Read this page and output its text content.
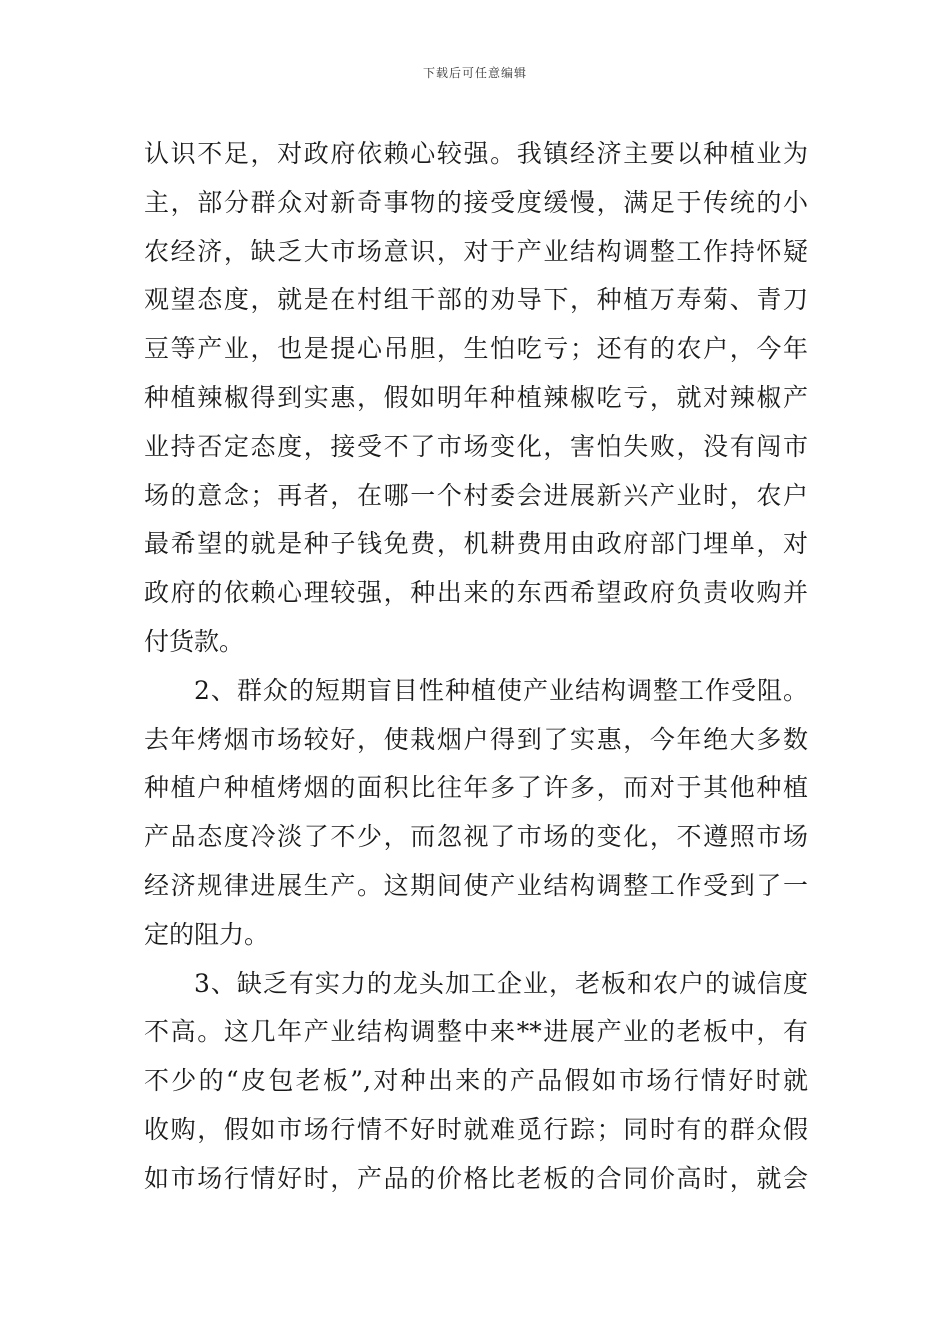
下载后可任意编辑
认识不足，对政府依赖心较强。我镇经济主要以种植业为
主，部分群众对新奇事物的接受度缓慢，满足于传统的小
农经济，缺乏大市场意识，对于产业结构调整工作持怀疑
观望态度，就是在村组干部的劝导下，种植万寿菊、青刀
豆等产业，也是提心吊胆，生怕吃亏；还有的农户，今年
种植辣椒得到实惠，假如明年种植辣椒吃亏，就对辣椒产
业持否定态度，接受不了市场变化，害怕失败，没有闯市
场的意念；再者，在哪一个村委会进展新兴产业时，农户
最希望的就是种子钱免费，机耕费用由政府部门埋单，对
政府的依赖心理较强，种出来的东西希望政府负责收购并
付货款。
2、群众的短期盲目性种植使产业结构调整工作受阻。
去年烤烟市场较好，使栽烟户得到了实惠，今年绝大多数
种植户种植烤烟的面积比往年多了许多，而对于其他种植
产品态度冷淡了不少，而忽视了市场的变化，不遵照市场
经济规律进展生产。这期间使产业结构调整工作受到了一
定的阻力。
3、缺乏有实力的龙头加工企业，老板和农户的诚信度
不高。这几年产业结构调整中来**进展产业的老板中，有
不少的“皮包老板”,对种出来的产品假如市场行情好时就
收购，假如市场行情不好时就难觅行踪；同时有的群众假
如市场行情好时，产品的价格比老板的合同价高时，就会
